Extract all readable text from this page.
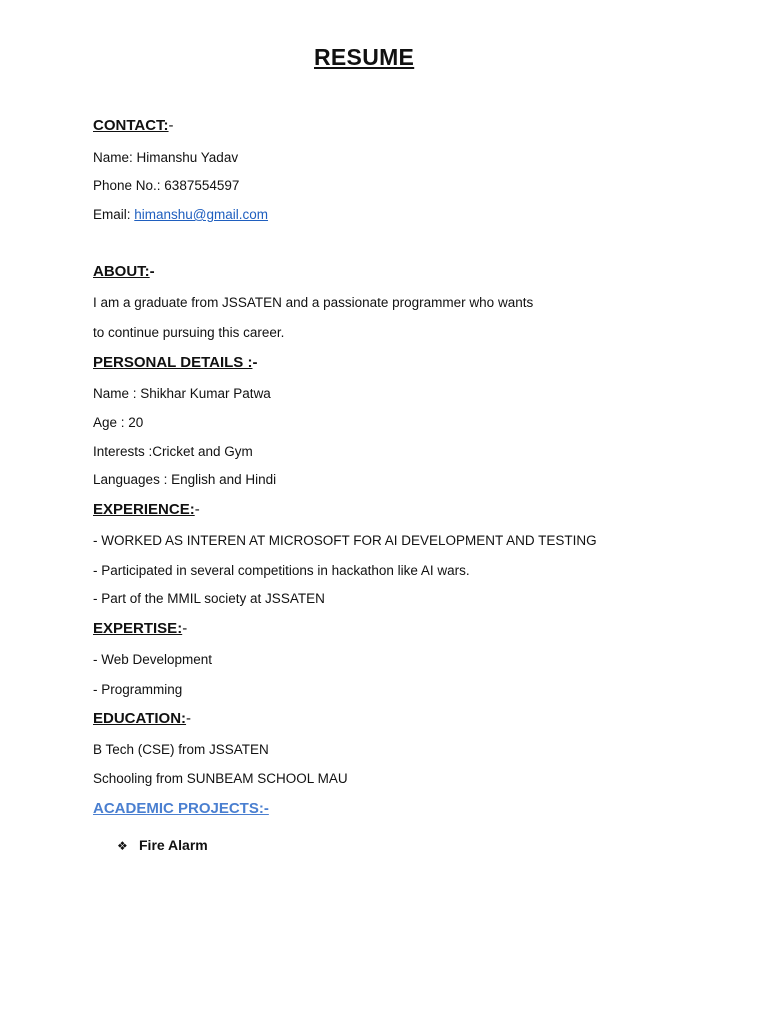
RESUME
CONTACT:-
Name: Himanshu Yadav
Phone No.: 6387554597
Email: himanshu@gmail.com
ABOUT:-
I am a graduate from JSSATEN and a passionate programmer who wants
to continue pursuing this career.
PERSONAL DETAILS :-
Name : Shikhar Kumar Patwa
Age : 20
Interests :Cricket and Gym
Languages : English and Hindi
EXPERIENCE:-
- WORKED AS INTEREN AT MICROSOFT FOR AI DEVELOPMENT AND TESTING
- Participated in several competitions in hackathon like AI wars.
- Part of the MMIL society at JSSATEN
EXPERTISE:-
- Web Development
- Programming
EDUCATION:-
B Tech (CSE) from JSSATEN
Schooling from SUNBEAM SCHOOL MAU
ACADEMIC PROJECTS:-
❖ Fire Alarm
